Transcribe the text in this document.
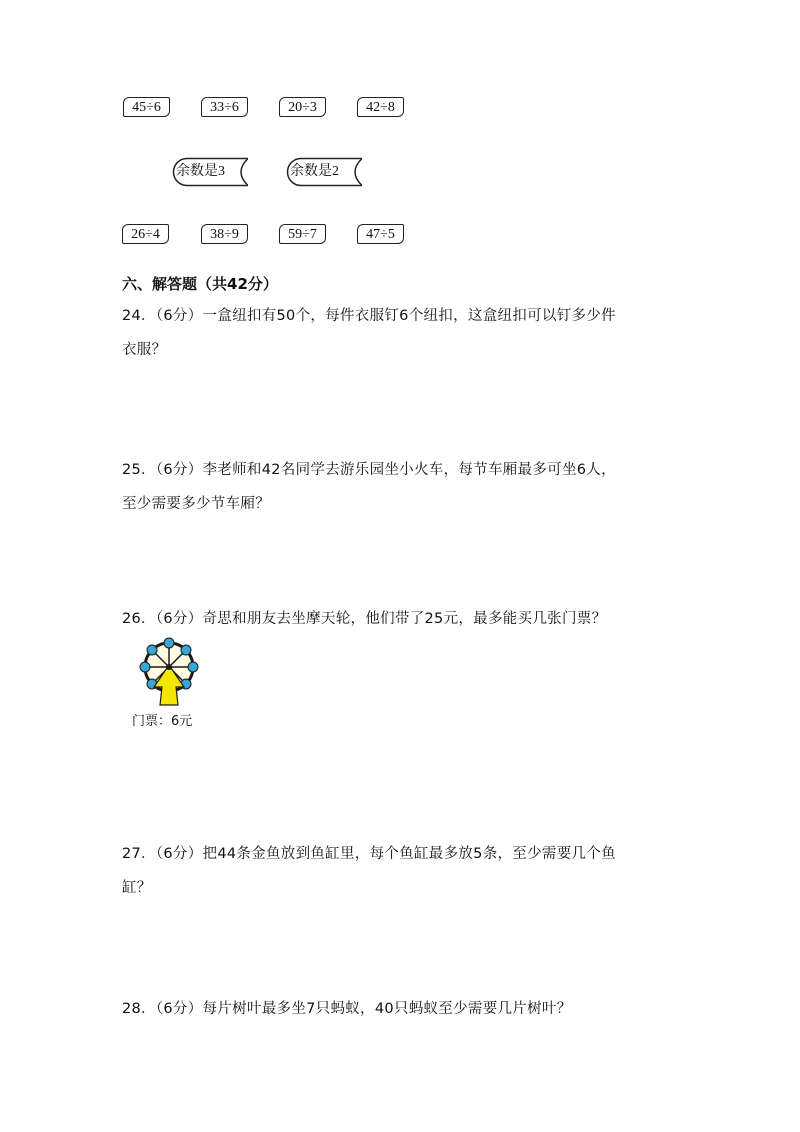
45÷6	33÷6	20÷3	42÷8
余数是3	余数是2
26÷4	38÷9	59÷7	47÷5
六、解答题（共42分）
24．（6分）一盒纽扣有50个，每件衣服钉6个纽扣，这盒纽扣可以钉多少件
衣服？
25．（6分）李老师和42名同学去游乐园坐小火车，每节车厢最多可坐6人，
至少需要多少节车厢？
26．（6分）奇思和朋友去坐摩天轮，他们带了25元，最多能买几张门票？
门票：6元
27．（6分）把44条金鱼放到鱼缸里，每个鱼缸最多放5条，至少需要几个鱼
缸？
28．（6分）每片树叶最多坐7只蚂蚁，40只蚂蚁至少需要几片树叶？
